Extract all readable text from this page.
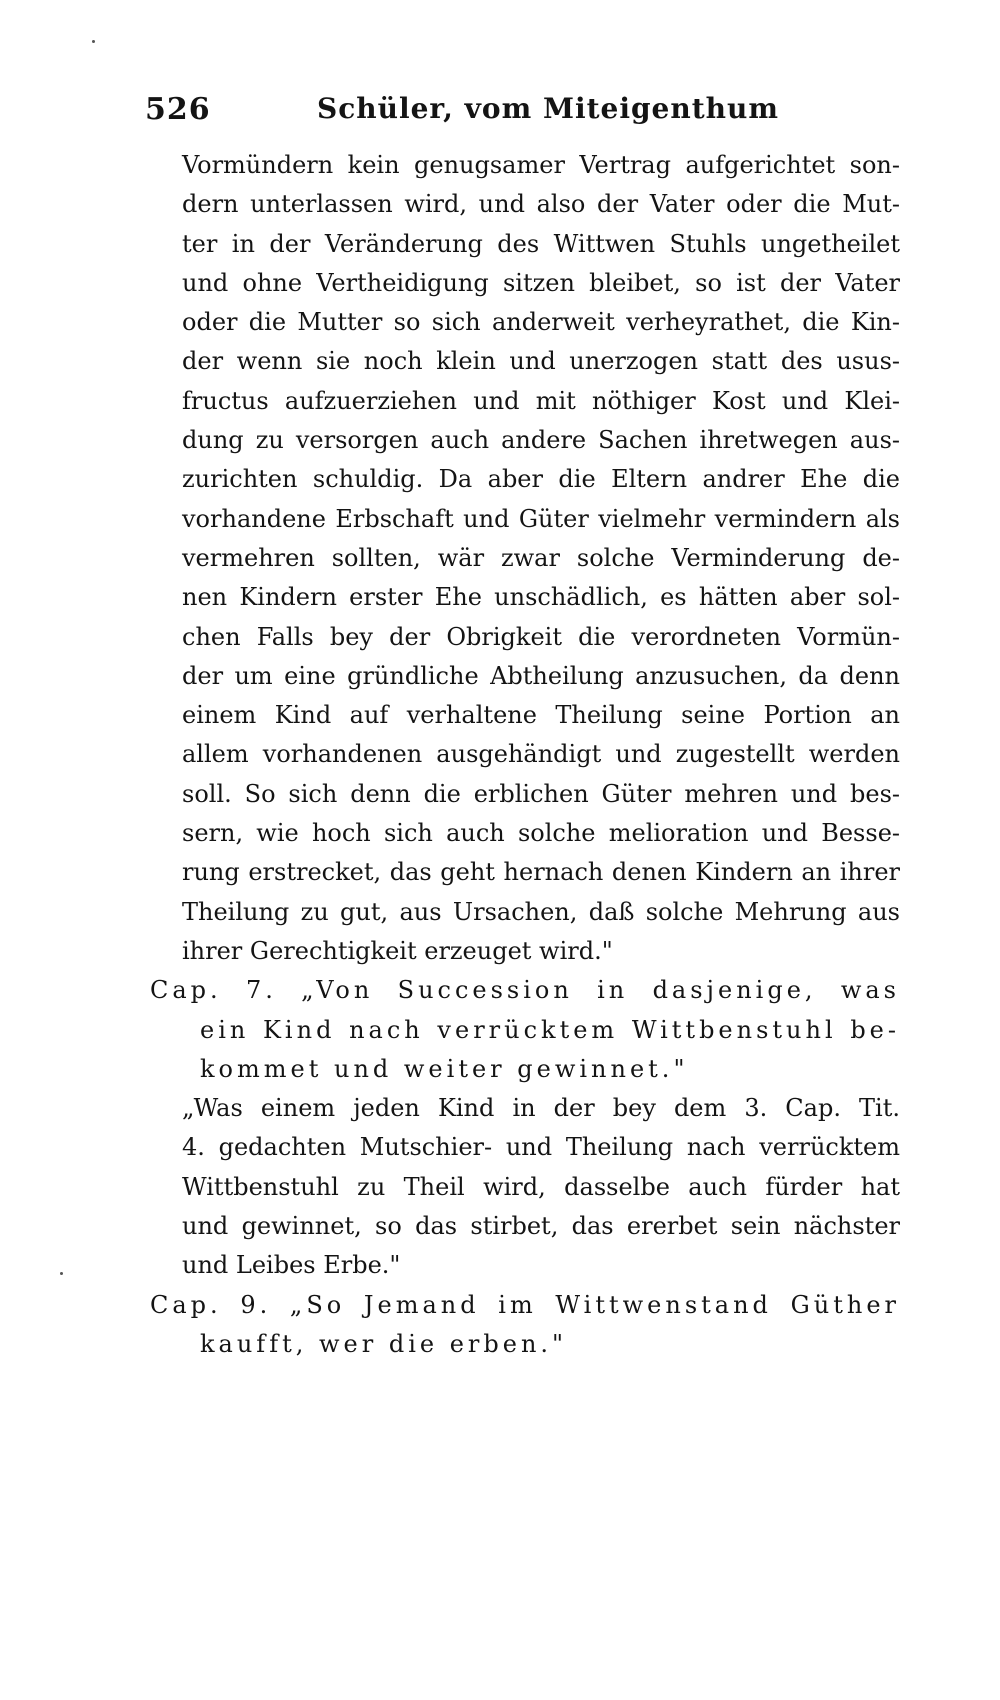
526	Schüler, vom Miteigenthum
Vormündern kein genugsamer Vertrag aufgerichtet son-
dern unterlassen wird, und also der Vater oder die Mut-
ter in der Veränderung des Wittwen Stuhls ungetheilet
und ohne Vertheidigung sitzen bleibet, so ist der Vater
oder die Mutter so sich anderweit verheyrathet, die Kin-
der wenn sie noch klein und unerzogen statt des usus-
fructus aufzuerziehen und mit nöthiger Kost und Klei-
dung zu versorgen auch andere Sachen ihretwegen aus-
zurichten schuldig. Da aber die Eltern andrer Ehe die
vorhandene Erbschaft und Güter vielmehr vermindern als
vermehren sollten, wär zwar solche Verminderung de-
nen Kindern erster Ehe unschädlich, es hätten aber sol-
chen Falls bey der Obrigkeit die verordneten Vormün-
der um eine gründliche Abtheilung anzusuchen, da denn
einem Kind auf verhaltene Theilung seine Portion an
allem vorhandenen ausgehändigt und zugestellt werden
soll. So sich denn die erblichen Güter mehren und bes-
sern, wie hoch sich auch solche melioration und Besse-
rung erstrecket, das geht hernach denen Kindern an ihrer
Theilung zu gut, aus Ursachen, daß solche Mehrung aus
ihrer Gerechtigkeit erzeuget wird."
Cap. 7. „Von Succession in dasjenige, was
ein Kind nach verrücktem Wittbenstuhl be-
kommet und weiter gewinnet."
„Was einem jeden Kind in der bey dem 3. Cap. Tit.
4. gedachten Mutschier- und Theilung nach verrücktem
Wittbenstuhl zu Theil wird, dasselbe auch fürder hat
und gewinnet, so das stirbet, das ererbet sein nächster
und Leibes Erbe."
Cap. 9. „So Jemand im Wittwenstand Güther
kaufft, wer die erben."
